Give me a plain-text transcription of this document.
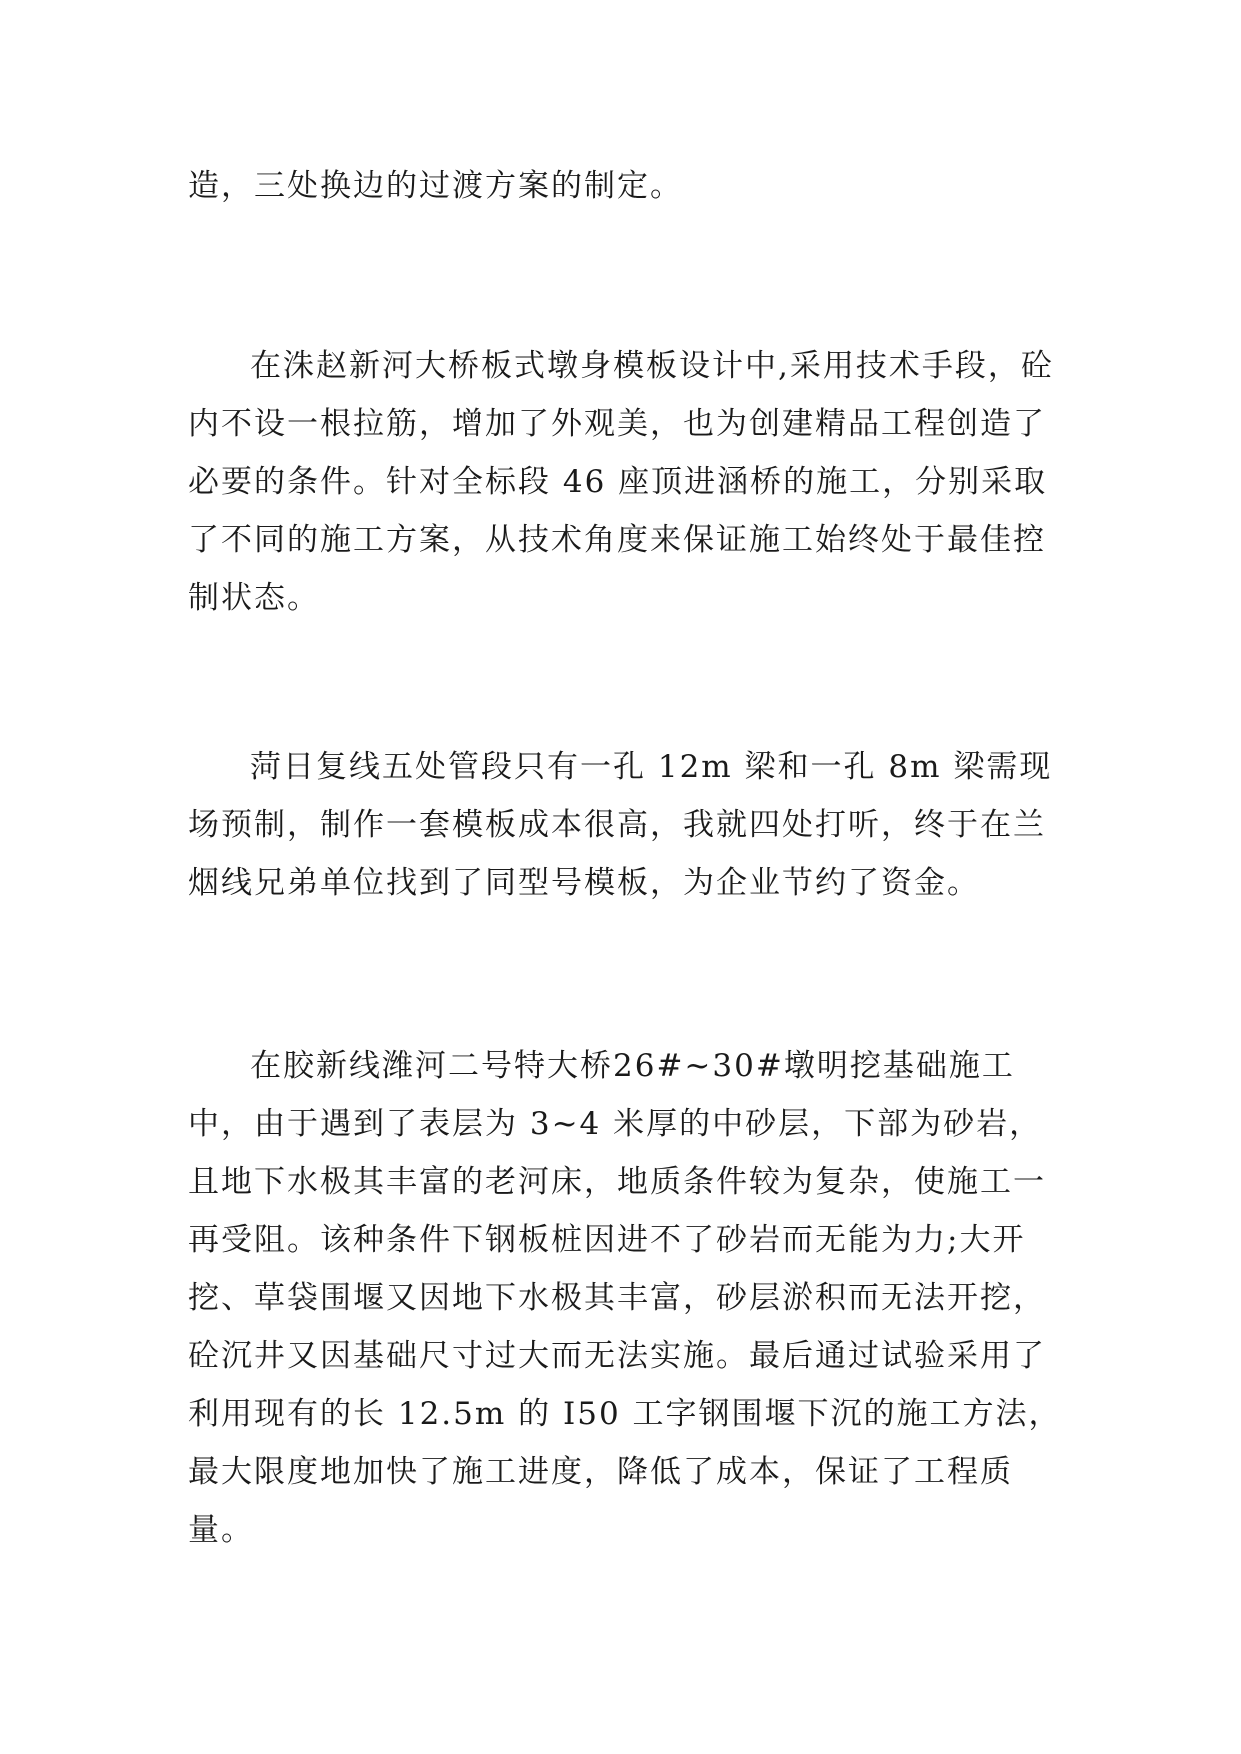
造，三处换边的过渡方案的制定。

在洙赵新河大桥板式墩身模板设计中,采用技术手段，砼内不设一根拉筋，增加了外观美，也为创建精品工程创造了必要的条件。针对全标段 46 座顶进涵桥的施工，分别采取了不同的施工方案，从技术角度来保证施工始终处于最佳控制状态。

菏日复线五处管段只有一孔 12m 梁和一孔 8m 梁需现场预制，制作一套模板成本很高，我就四处打听，终于在兰烟线兄弟单位找到了同型号模板，为企业节约了资金。

在胶新线潍河二号特大桥26#~30#墩明挖基础施工中，由于遇到了表层为 3~4 米厚的中砂层，下部为砂岩，且地下水极其丰富的老河床，地质条件较为复杂，使施工一再受阻。该种条件下钢板桩因进不了砂岩而无能为力;大开挖、草袋围堰又因地下水极其丰富，砂层淤积而无法开挖，砼沉井又因基础尺寸过大而无法实施。最后通过试验采用了利用现有的长 12.5m 的 I50 工字钢围堰下沉的施工方法，最大限度地加快了施工进度，降低了成本，保证了工程质量。
